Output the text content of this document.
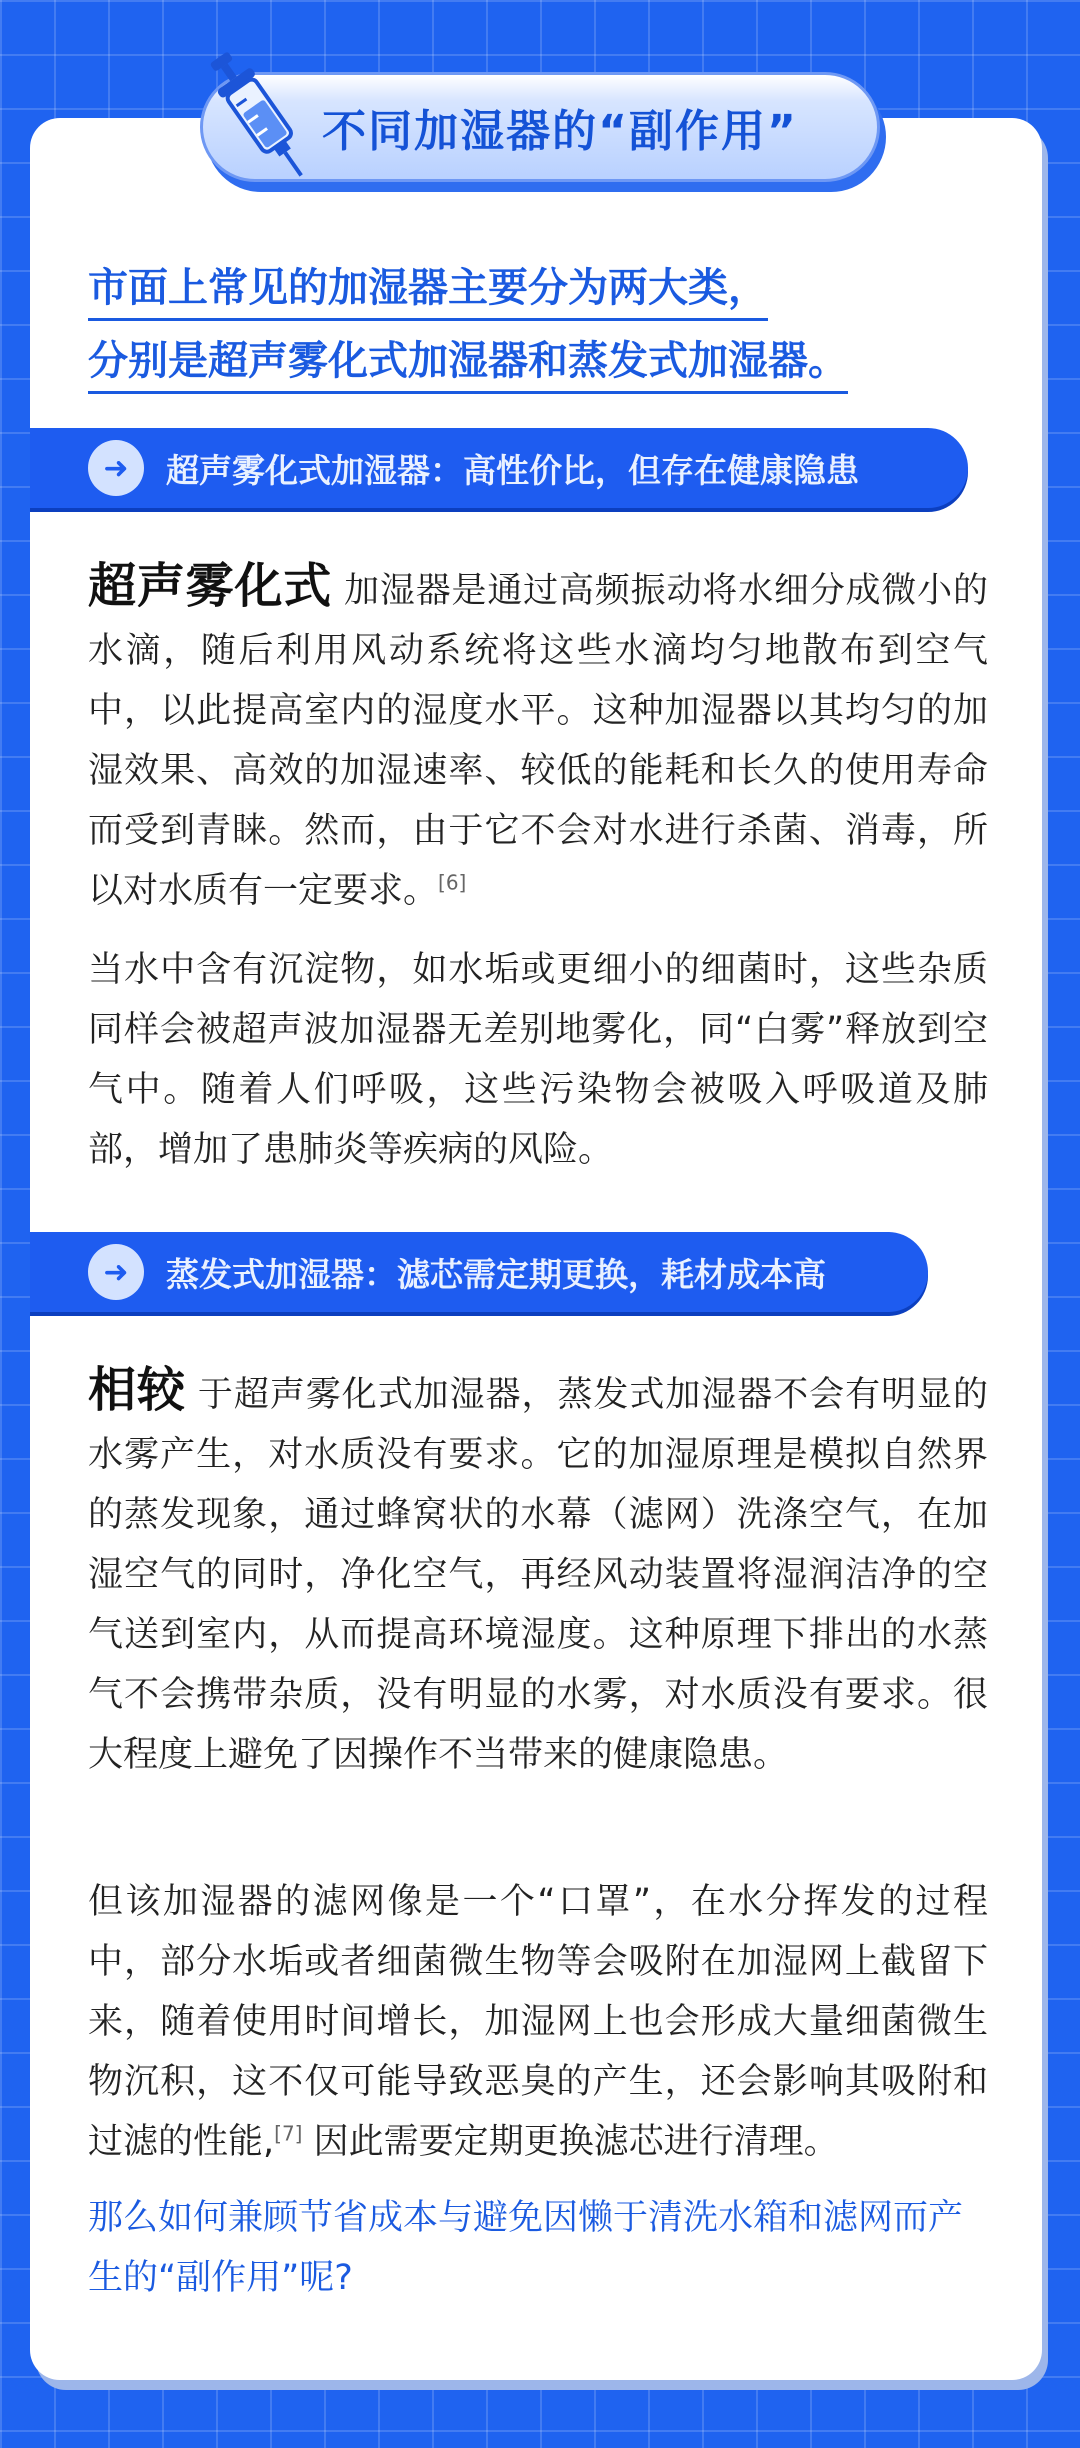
不同加湿器的“副作用”
市面上常见的加湿器主要分为两大类，
分别是超声雾化式加湿器和蒸发式加湿器。
➜	超声雾化式加湿器：高性价比，但存在健康隐患
超声雾化式 加湿器是通过高频振动将水细分成微小的水滴，随后利用风动系统将这些水滴均匀地散布到空气中，以此提高室内的湿度水平。这种加湿器以其均匀的加湿效果、高效的加湿速率、较低的能耗和长久的使用寿命而受到青睐。然而，由于它不会对水进行杀菌、消毒，所以对水质有一定要求。[6]
当水中含有沉淀物，如水垢或更细小的细菌时，这些杂质同样会被超声波加湿器无差别地雾化，同“白雾”释放到空气中。随着人们呼吸，这些污染物会被吸入呼吸道及肺部，增加了患肺炎等疾病的风险。
➜	蒸发式加湿器：滤芯需定期更换，耗材成本高
相较 于超声雾化式加湿器，蒸发式加湿器不会有明显的水雾产生，对水质没有要求。它的加湿原理是模拟自然界的蒸发现象，通过蜂窝状的水幕（滤网）洗涤空气，在加湿空气的同时，净化空气，再经风动装置将湿润洁净的空气送到室内，从而提高环境湿度。这种原理下排出的水蒸气不会携带杂质，没有明显的水雾，对水质没有要求。很大程度上避免了因操作不当带来的健康隐患。
但该加湿器的滤网像是一个“口罩”，在水分挥发的过程中，部分水垢或者细菌微生物等会吸附在加湿网上截留下来，随着使用时间增长，加湿网上也会形成大量细菌微生物沉积，这不仅可能导致恶臭的产生，还会影响其吸附和过滤的性能,[7] 因此需要定期更换滤芯进行清理。
那么如何兼顾节省成本与避免因懒于清洗水箱和滤网而产生的“副作用”呢?
